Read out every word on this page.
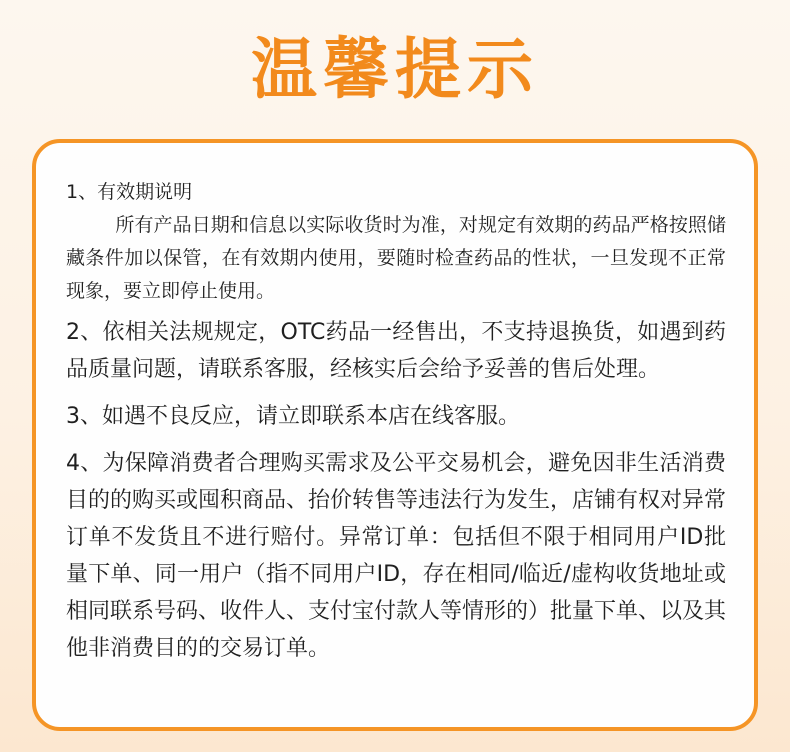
温馨提示
1、有效期说明
所有产品日期和信息以实际收货时为准，对规定有效期的药品严格按照储藏条件加以保管，在有效期内使用，要随时检查药品的性状，一旦发现不正常现象，要立即停止使用。
2、依相关法规规定，OTC药品一经售出，不支持退换货，如遇到药品质量问题，请联系客服，经核实后会给予妥善的售后处理。
3、如遇不良反应，请立即联系本店在线客服。
4、为保障消费者合理购买需求及公平交易机会，避免因非生活消费目的的购买或囤积商品、抬价转售等违法行为发生，店铺有权对异常订单不发货且不进行赔付。异常订单：包括但不限于相同用户ID批量下单、同一用户（指不同用户ID，存在相同/临近/虚构收货地址或相同联系号码、收件人、支付宝付款人等情形的）批量下单、以及其他非消费目的的交易订单。
